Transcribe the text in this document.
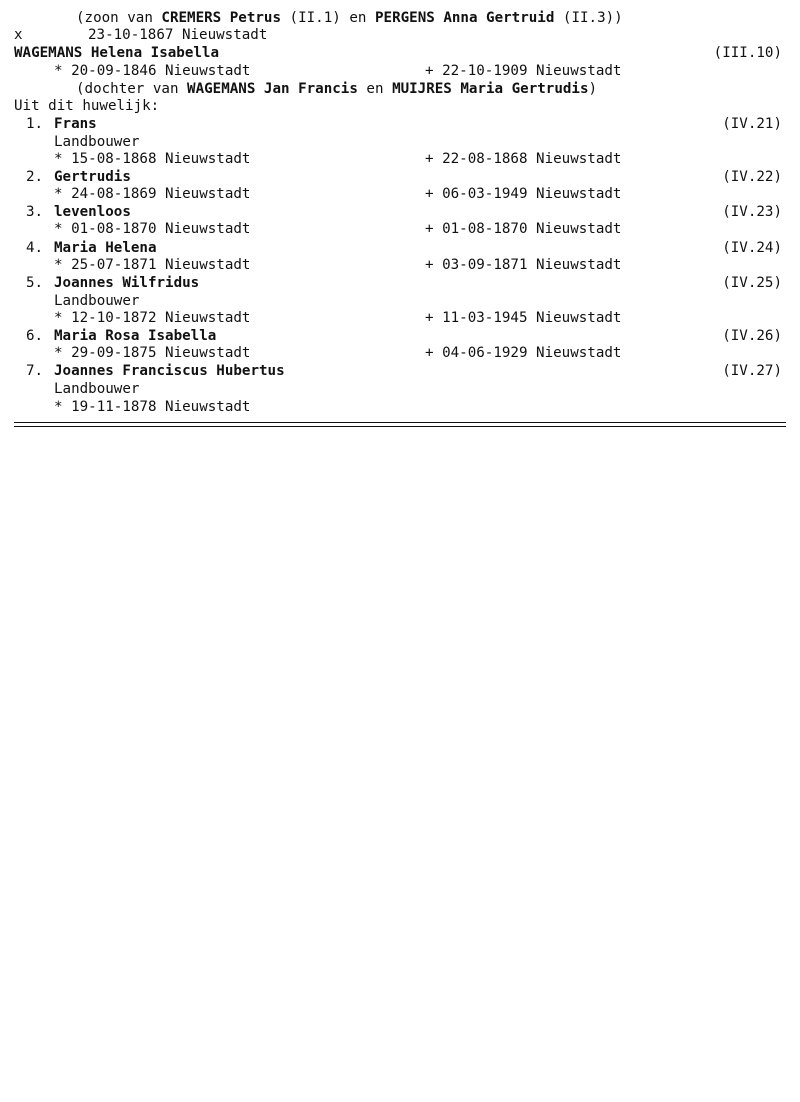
(zoon van CREMERS Petrus (II.1) en PERGENS Anna Gertruid (II.3))
x	23-10-1867 Nieuwstadt
WAGEMANS Helena Isabella	(III.10)
* 20-09-1846 Nieuwstadt	+ 22-10-1909 Nieuwstadt
(dochter van WAGEMANS Jan Francis en MUIJRES Maria Gertrudis)
Uit dit huwelijk:
1. Frans	(IV.21)
Landbouwer
* 15-08-1868 Nieuwstadt	+ 22-08-1868 Nieuwstadt
2. Gertrudis	(IV.22)
* 24-08-1869 Nieuwstadt	+ 06-03-1949 Nieuwstadt
3. levenloos	(IV.23)
* 01-08-1870 Nieuwstadt	+ 01-08-1870 Nieuwstadt
4. Maria Helena	(IV.24)
* 25-07-1871 Nieuwstadt	+ 03-09-1871 Nieuwstadt
5. Joannes Wilfridus	(IV.25)
Landbouwer
* 12-10-1872 Nieuwstadt	+ 11-03-1945 Nieuwstadt
6. Maria Rosa Isabella	(IV.26)
* 29-09-1875 Nieuwstadt	+ 04-06-1929 Nieuwstadt
7. Joannes Franciscus Hubertus	(IV.27)
Landbouwer
* 19-11-1878 Nieuwstadt
